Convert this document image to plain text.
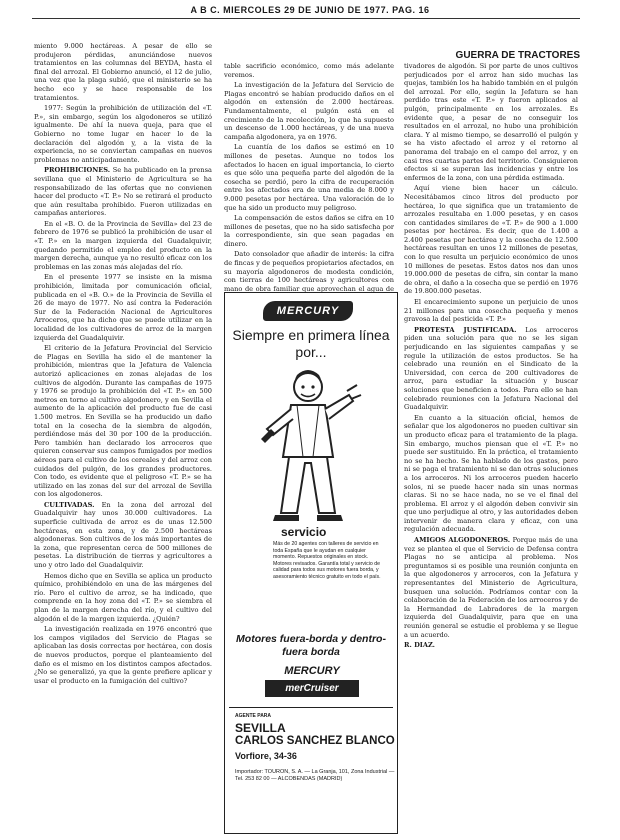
A B C. MIERCOLES 29 DE JUNIO DE 1977. PAG. 16
GUERRA DE TRACTORES

miento 9.000 hectáreas. A pesar de ello se produjeron pérdidas, anunciándose nuevos tratamientos en las columnas del BEYDA, hasta el final del arrozal. El Gobierno anunció, el 12 de julio, una vez que la plaga subió, que el ministerio se ha hecho eco y se hace responsable de los tratamientos.

1977: Según la prohibición de utilización del «T. P.», sin embargo, según los algodoneros se utilizó igualmente. De ahí la nueva queja, para que el Gobierno no tome lugar en hacer lo de la declaración del algodón y, a la vista de la experiencia, no se conviertan campañas en nuevos problemas no anticipadamente.

PROHIBICIONES. Se ha publicado en la prensa sevillana que el Ministerio de Agricultura se ha responsabilizado de las ofertas que no convienen hacer del producto «T. P.» No se retirará el producto que aún resultaba prohibido. Fueron utilizadas en campañas anteriores.

En el «B. O. de la Provincia de Sevilla» del 23 de febrero de 1976 se publicó la prohibición de usar el «T. P.» en la margen izquierda del Guadalquivir, quedando permitido el empleo del producto en la margen derecha, aunque ya no resultó eficaz con los problemas en las zonas más alejadas del río.

En el presente 1977 se insiste en la misma prohibición, limitada por comunicación oficial, publicada en el «B. O.» de la Provincia de Sevilla el 26 de mayo de 1977. No así contra la Federación Sur de la Federación Nacional de Agricultores Arroceros, que ha dicho que se puede utilizar en la localidad de los cultivadores de arroz de la margen izquierda del Guadalquivir.

El criterio de la Jefatura Provincial del Servicio de Plagas en Sevilla ha sido el de mantener la prohibición, mientras que la Jefatura de Valencia autorizó aplicaciones en zonas alejadas de los cultivos de algodón. Durante las campañas de 1975 y 1976 se produjo la prohibición del «T. P.» en 500 metros en torno al cultivo algodonero, y en Sevilla el aumento de la aplicación del producto fue de casi 1.500 metros. En Sevilla se ha producido un daño total en la cosecha de la siembra de algodón, perdiéndose más del 30 por 100 de la producción. Pero también han declarado los arroceros que quieren conservar sus campos fumigados por medios aéreos para el cultivo de los cereales y del arroz con cuidados del pulgón, de los grandes productores. Con todo, es evidente que el peligroso «T. P.» se ha utilizado en las zonas del sur del arrozal de Sevilla con los algodoneros.

CULTIVADAS. En la zona del arrozal del Guadalquivir hay unos 30.000 cultivadores. La superficie cultivada de arroz es de unas 12.500 hectáreas, en esta zona, y de 2.500 hectáreas algodoneras. Son cultivos de los más importantes de la zona, que representan cerca de 500 millones de pesetas. La distribución de tierras y agricultores a uno y otro lado del Guadalquivir.

Hemos dicho que en Sevilla se aplica un producto químico, prohibiéndolo en una de las márgenes del río. Pero el cultivo de arroz, se ha indicado, que comprende en la hoy zona del «T. P.» se siembra el plan de la margen derecha del río, y el cultivo del algodón el de la margen izquierda. ¿Quién?

La investigación realizada en 1976 encontró que los campos vigilados del Servicio de Plagas se aplicaban las dosis correctas por hectárea, con dosis de nuevos productos, porque el planteamiento del daño es el mismo en los distintos campos afectados. ¿No se generalizó, ya que la gente prefiere aplicar y usar el producto en la fumigación del cultivo?

table sacrificio económico, como más adelante veremos.

La investigación de la Jefatura del Servicio de Plagas encontró se habían producido daños en el algodón en extensión de 2.000 hectáreas. Fundamentalmente, el pulgón está en el crecimiento de la recolección, lo que ha supuesto un descenso de 1.000 hectáreas, y de una nueva campaña algodonera, ya en 1976.

La cuantía de los daños se estimó en 10 millones de pesetas. Aunque no todos los afectados lo hacen en igual importancia, lo cierto es que sólo una pequeña parte del algodón de la cosecha se perdió, pero la cifra de recuperación entre los afectados era de una media de 8.000 y 9.000 pesetas por hectárea. Una valoración de lo que ha sido un producto muy peligroso.

La compensación de estos daños se cifra en 10 millones de pesetas, que no ha sido satisfecha por la correspondiente, sin que sean pagadas en dinero.

Dato consolador que añadir de interés: la cifra de fincas y de pequeños propietarios afectados, en su mayoría algodoneros de modesta condición, con tierras de 100 hectáreas y agricultores con mano de obra familiar que aprovechan el agua de

MERCURY
Siempre en primera línea por...
servicio
Más de 20 agentes con talleres de servicio en toda España que le ayudan en cualquier momento. Repuestos originales en stock. Motores revisados. Garantía total y servicio de calidad para todos sus motores fuera borda, y asesoramiento técnico gratuito en todo el país.
Motores fuera-borda y dentro-fuera borda
MERCURY
merCruiser
AGENTE PARA
SEVILLA
CARLOS SANCHEZ BLANCO
Vorfiore, 34-36
Importador: TOURON, S. A. — La Granja, 101, Zona Industrial — Tel. 253 82 00 — ALCOBENDAS (MADRID)

tivadores de algodón. Si por parte de unos cultivos perjudicados por el arroz han sido muchas las quejas, también los ha habido también en el pulgón del arrozal. Por ello, según la Jefatura se han perdido tras este «T. P.» y fueron aplicados al pulgón, principalmente en los arrozales. Es evidente que, a pesar de no conseguir los resultados en el arrozal, no hubo una prohibición clara. Y al mismo tiempo, se desarrolló el pulgón y se ha visto afectado el arroz y el retorno al panorama del trabajo en el campo del arroz, y en casi tres cuartas partes del territorio. Consiguieron efectos si se superan las incidencias y entre los enfermos de la zona, con una pérdida estimada.

Aquí viene bien hacer un cálculo. Necesitábamos cinco litros del producto por hectárea, lo que significa que un tratamiento de arrozales resultaba en 1.000 pesetas, y en casos con cantidades similares de «T. P.» de 900 a 1.000 pesetas por hectárea. Es decir, que de 1.400 a 2.400 pesetas por hectárea y la cosecha de 12.500 hectáreas resultan en unos 12 millones de pesetas, con lo que resulta un perjuicio económico de unos 10 millones de pesetas. Estos datos nos dan unos 19.000.000 de pesetas de cifra, sin contar la mano de obra, el daño a la cosecha que se perdió en 1976 de 19.800.000 pesetas.

El encarecimiento supone un perjuicio de unos 21 millones para una cosecha pequeña y menos gravosa la del pesticida «T. P.»

PROTESTA JUSTIFICADA. Los arroceros piden una solución para que no se les sigan perjudicando en las siguientes campañas y se regule la utilización de estos productos. Se ha celebrado una reunión en el Sindicato de la Universidad, con cerca de 200 cultivadores de arroz, para estudiar la situación y buscar soluciones que beneficien a todos. Para ello se han celebrado reuniones con la Jefatura Nacional del Guadalquivir.

En cuanto a la situación oficial, hemos de señalar que los algodoneros no pueden cultivar sin un producto eficaz para el tratamiento de la plaga. Sin embargo, muchos piensan que el «T. P.» no puede ser sustituido. En la práctica, el tratamiento no se ha hecho. Se ha hablado de los gastos, pero ni se paga el tratamiento ni se dan otras soluciones a los arroceros. Ni los arroceros pueden hacerlo solos, ni se puede hacer nada sin unas normas claras. Si no se hace nada, no se ve el final del problema. El arroz y el algodón deben convivir sin que uno perjudique al otro, y las autoridades deben intervenir de manera clara y eficaz, con una regulación adecuada.

AMIGOS ALGODONEROS. Porque más de una vez se plantea el que el Servicio de Defensa contra Plagas no se anticipa al problema. Nos preguntamos si es posible una reunión conjunta en la que algodoneros y arroceros, con la Jefatura y representantes del Ministerio de Agricultura, busquen una solución. Podríamos contar con la colaboración de la Federación de los arroceros y de la Hermandad de Labradores de la margen izquierda del Guadalquivir, para que en una reunión general se estudie el problema y se llegue a un acuerdo.

R. DIAZ.
